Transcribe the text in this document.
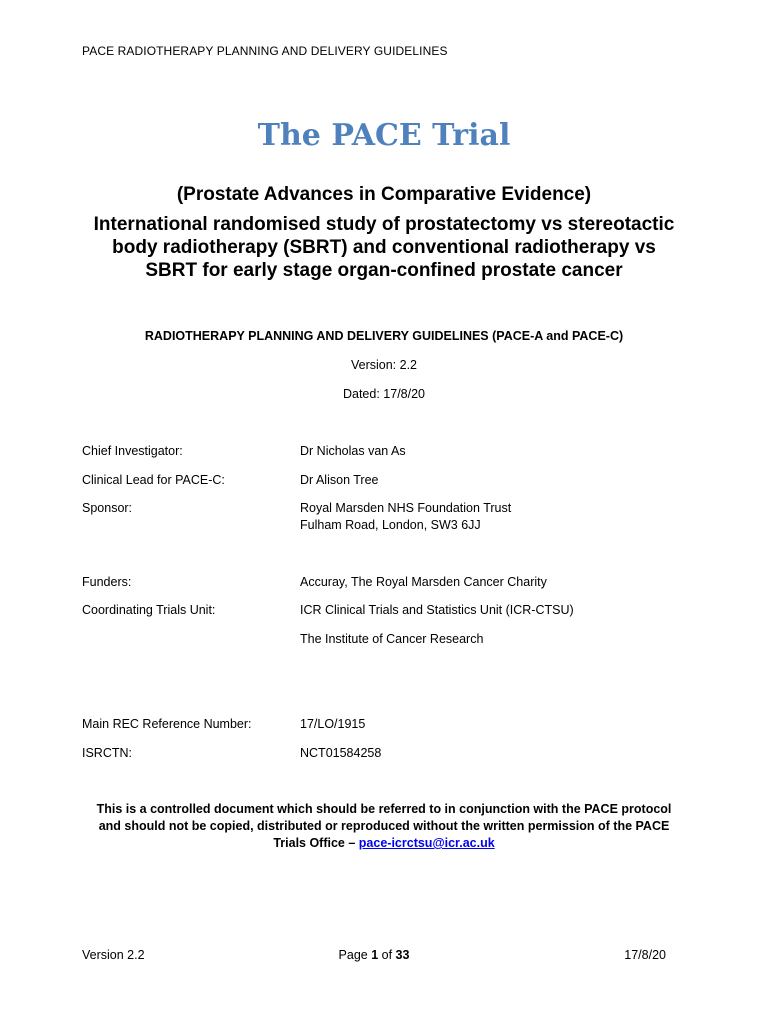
PACE RADIOTHERAPY PLANNING AND DELIVERY GUIDELINES
The PACE Trial
(Prostate Advances in Comparative Evidence)
International randomised study of prostatectomy vs stereotactic body radiotherapy (SBRT) and conventional radiotherapy vs SBRT for early stage organ-confined prostate cancer
RADIOTHERAPY PLANNING AND DELIVERY GUIDELINES (PACE-A and PACE-C)
Version: 2.2
Dated: 17/8/20
Chief Investigator:	Dr Nicholas van As
Clinical Lead for PACE-C:	Dr Alison Tree
Sponsor:	Royal Marsden NHS Foundation Trust
Fulham Road, London, SW3 6JJ
Funders:	Accuray, The Royal Marsden Cancer Charity
Coordinating Trials Unit:	ICR Clinical Trials and Statistics Unit (ICR-CTSU)
The Institute of Cancer Research
Main REC Reference Number:	17/LO/1915
ISRCTN:	NCT01584258
This is a controlled document which should be referred to in conjunction with the PACE protocol and should not be copied, distributed or reproduced without the written permission of the PACE Trials Office – pace-icrctsu@icr.ac.uk
Version 2.2	Page 1 of 33	17/8/20
